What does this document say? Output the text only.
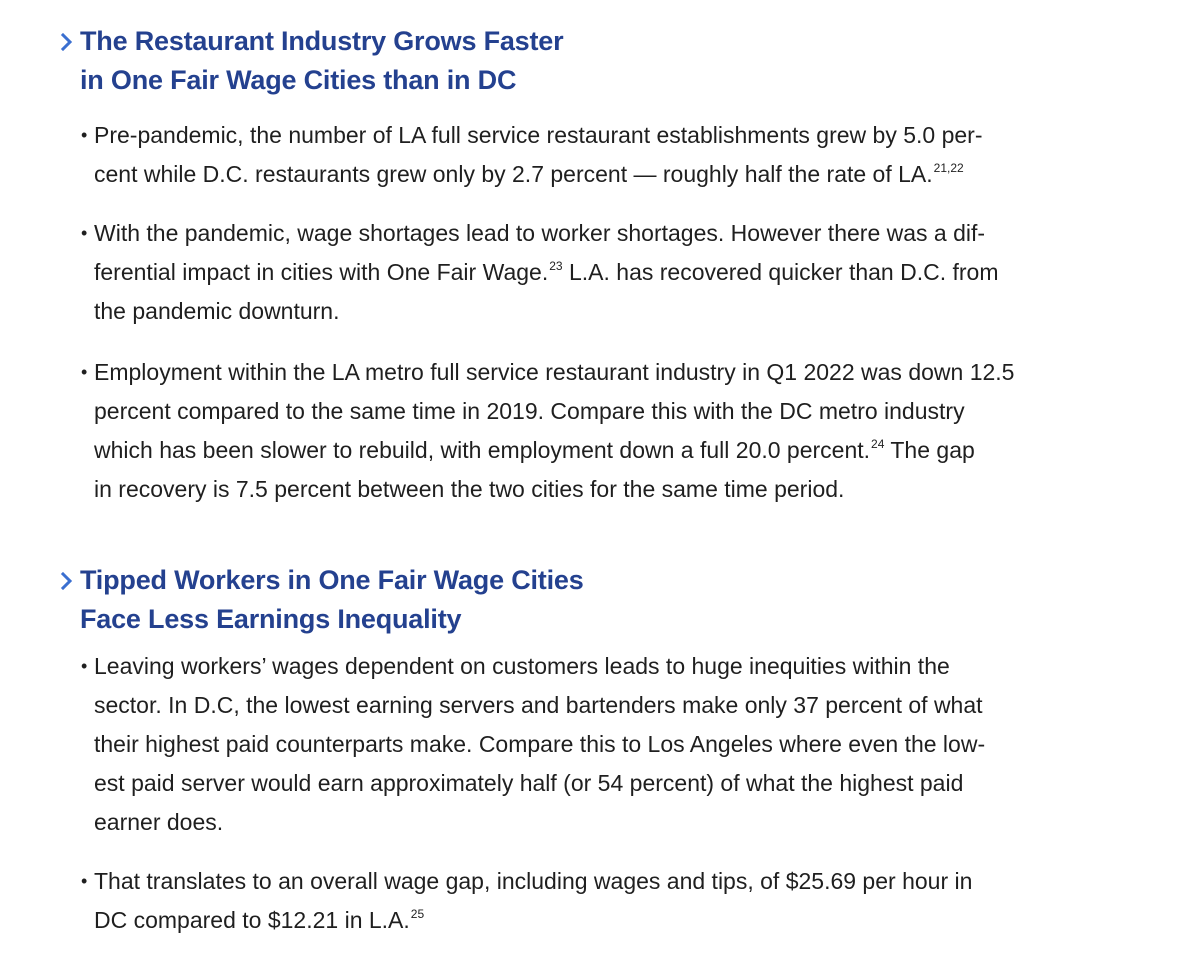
The Restaurant Industry Grows Faster
in One Fair Wage Cities than in DC
• Pre-pandemic, the number of LA full service restaurant establishments grew by 5.0 per-
cent while D.C. restaurants grew only by 2.7 percent — roughly half the rate of LA.$^{21,22}$
• With the pandemic, wage shortages lead to worker shortages. However there was a dif-
ferential impact in cities with One Fair Wage.$^{23}$ L.A. has recovered quicker than D.C. from
the pandemic downturn.
• Employment within the LA metro full service restaurant industry in Q1 2022 was down 12.5
percent compared to the same time in 2019. Compare this with the DC metro industry
which has been slower to rebuild, with employment down a full 20.0 percent.$^{24}$ The gap
in recovery is 7.5 percent between the two cities for the same time period.
Tipped Workers in One Fair Wage Cities
Face Less Earnings Inequality
• Leaving workers’ wages dependent on customers leads to huge inequities within the
sector. In D.C, the lowest earning servers and bartenders make only 37 percent of what
their highest paid counterparts make. Compare this to Los Angeles where even the low-
est paid server would earn approximately half (or 54 percent) of what the highest paid
earner does.
• That translates to an overall wage gap, including wages and tips, of $25.69 per hour in
DC compared to $12.21 in L.A.$^{25}$
